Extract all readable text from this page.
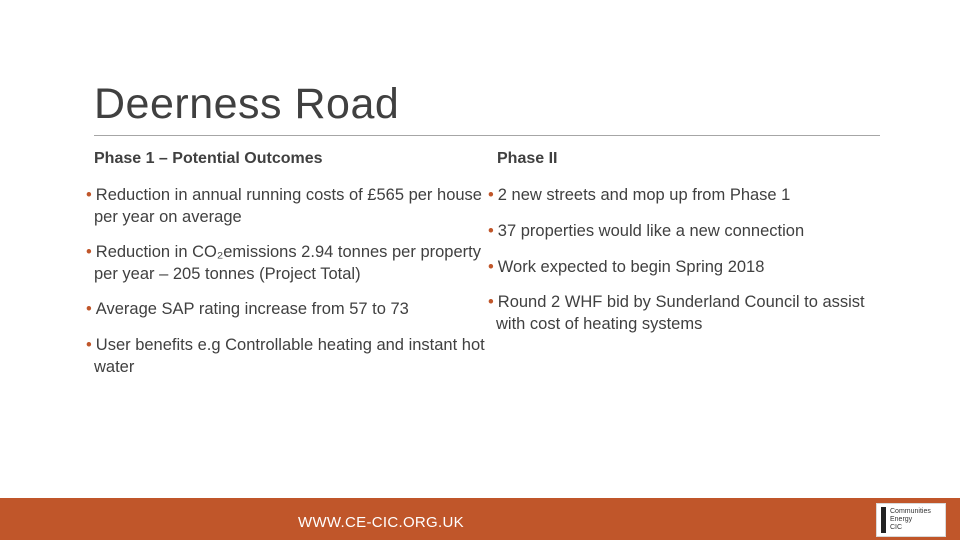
Deerness Road
Phase 1 – Potential Outcomes	Phase II
• Reduction in annual running costs of £565 per house per year on average
• Reduction in CO₂emissions 2.94 tonnes per property per year – 205 tonnes (Project Total)
• Average SAP rating increase from 57 to 73
• User benefits e.g Controllable heating and instant hot water
• 2 new streets and mop up from Phase 1
• 37 properties would like a new connection
• Work expected to begin Spring 2018
• Round 2 WHF bid by Sunderland Council to assist with cost of heating systems
WWW.CE-CIC.ORG.UK
Communities
Energy
CIC
